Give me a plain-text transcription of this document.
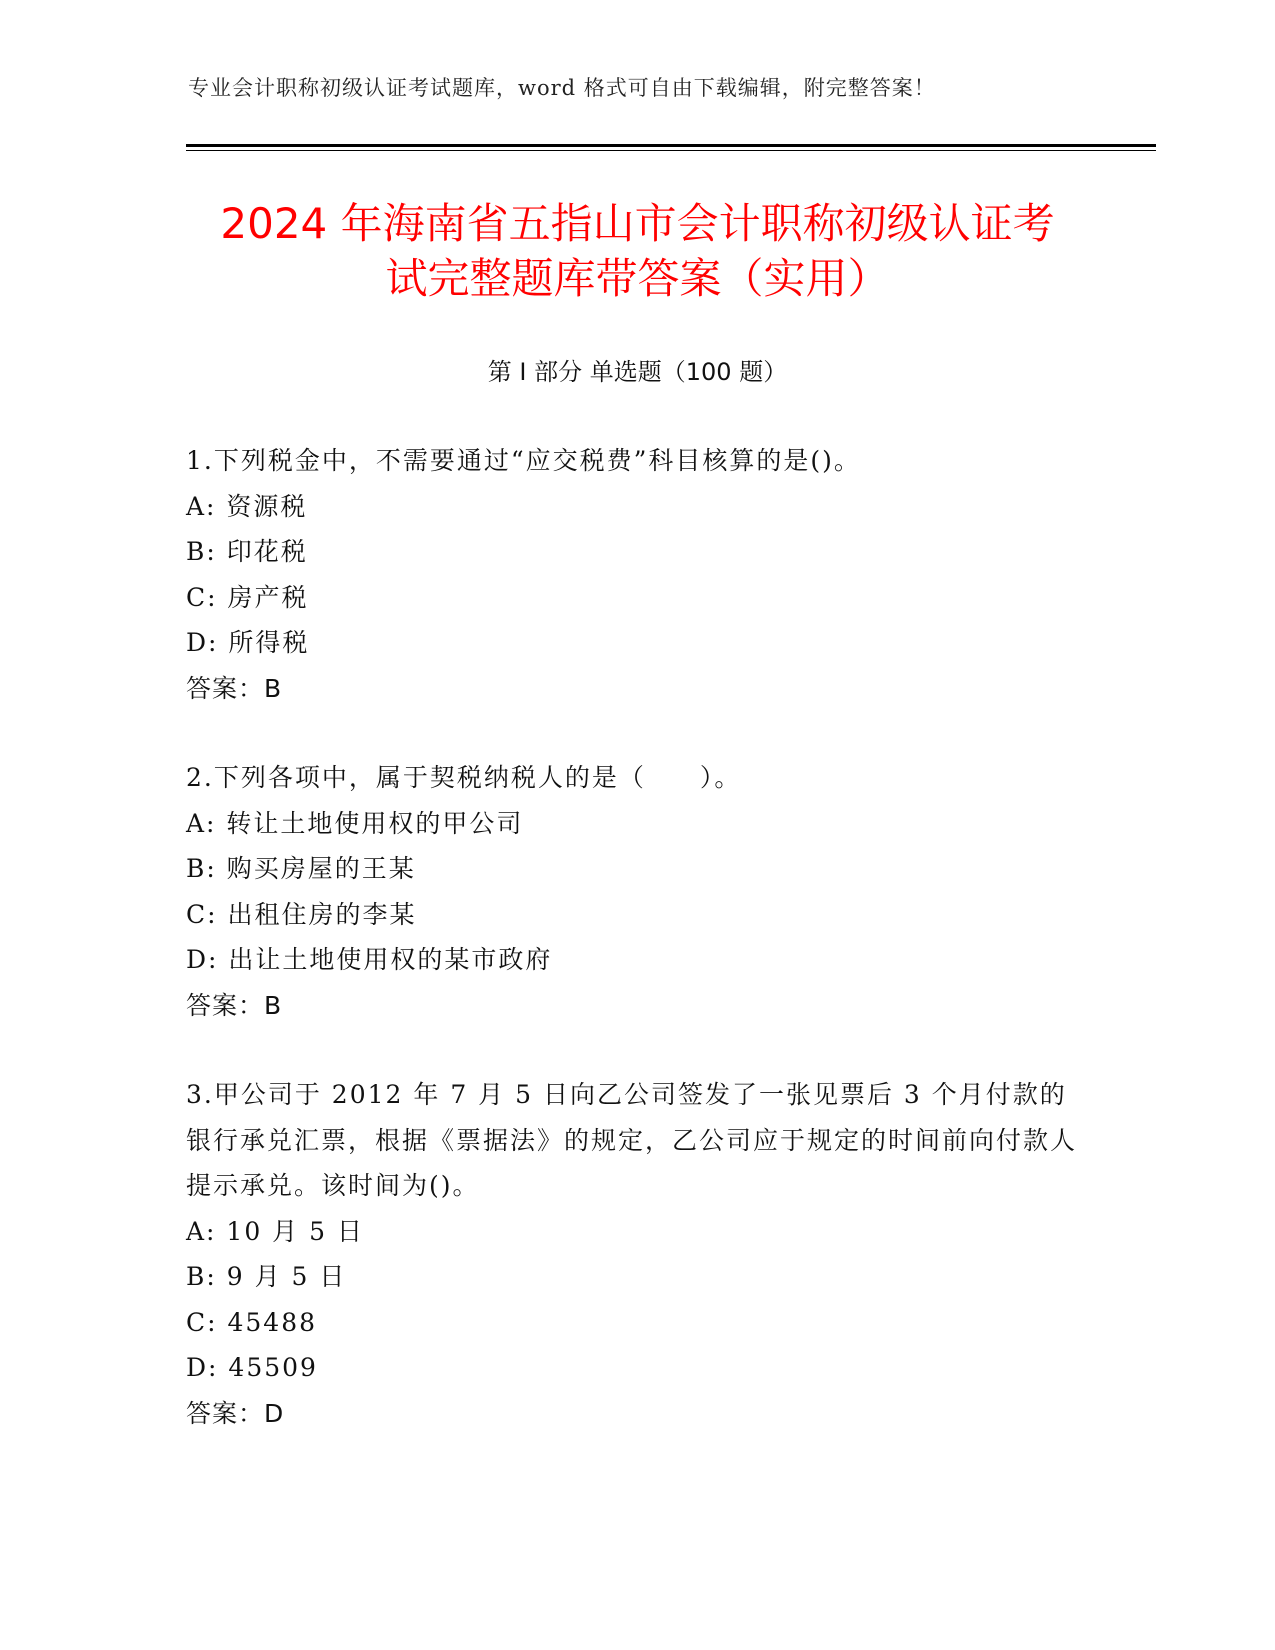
专业会计职称初级认证考试题库，word 格式可自由下载编辑，附完整答案！
2024 年海南省五指山市会计职称初级认证考
试完整题库带答案（实用）
第 I 部分 单选题（100 题）
1.下列税金中，不需要通过“应交税费”科目核算的是()。
A: 资源税
B: 印花税
C: 房产税
D: 所得税
答案：B
2.下列各项中，属于契税纳税人的是（　　）。
A: 转让土地使用权的甲公司
B: 购买房屋的王某
C: 出租住房的李某
D: 出让土地使用权的某市政府
答案：B
3.甲公司于 2012 年 7 月 5 日向乙公司签发了一张见票后 3 个月付款的银行承兑汇票，根据《票据法》的规定，乙公司应于规定的时间前向付款人提示承兑。该时间为()。
A: 10 月 5 日
B: 9 月 5 日
C: 45488
D: 45509
答案：D
